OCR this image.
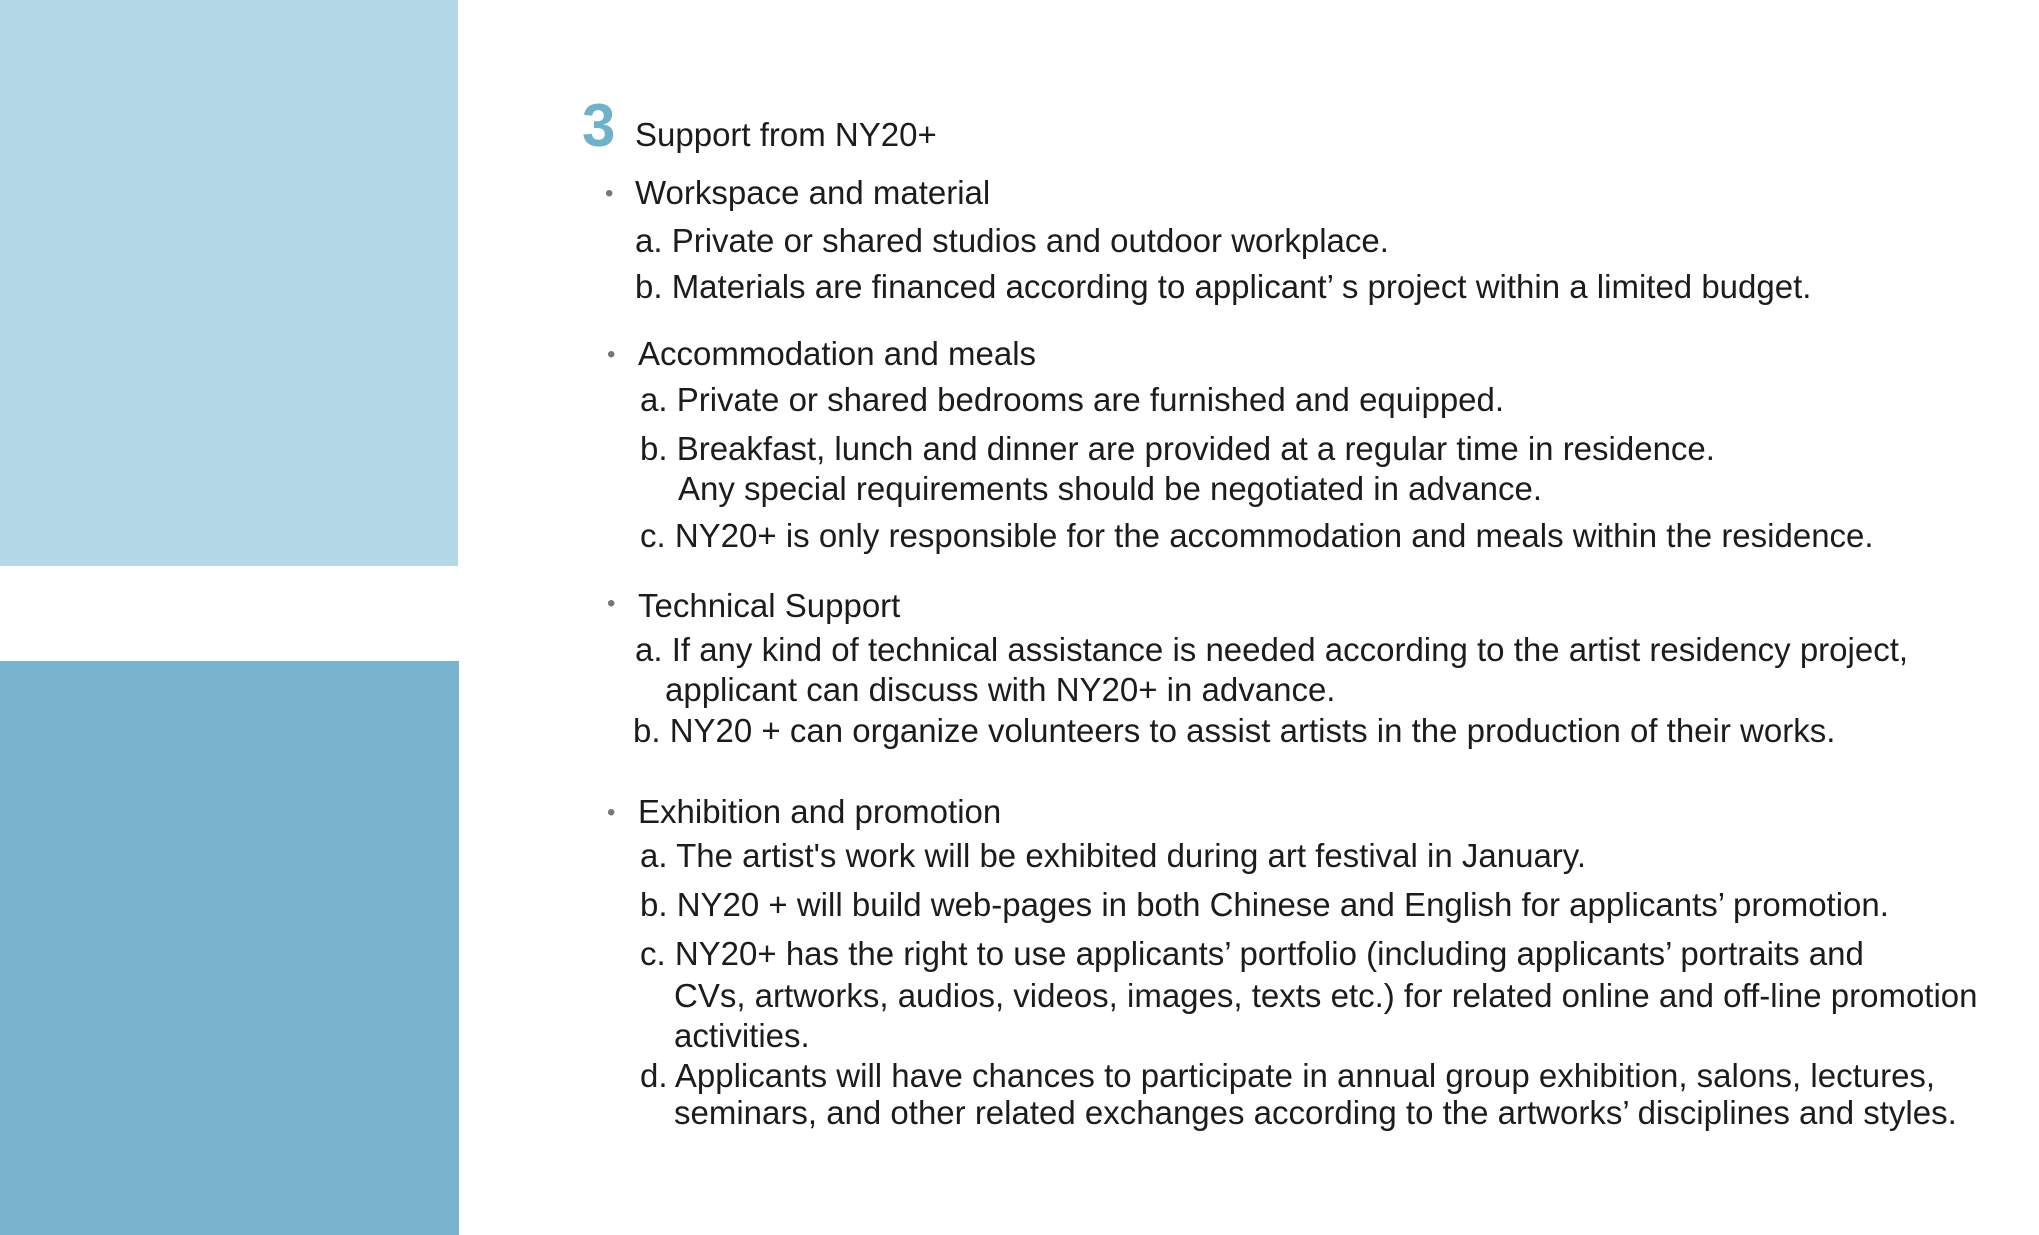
3 Support from NY20+
• Workspace and material
a. Private or shared studios and outdoor workplace.
b. Materials are financed according to applicant’ s project within a limited budget.
• Accommodation and meals
a. Private or shared bedrooms are furnished and equipped.
b. Breakfast, lunch and dinner are provided at a regular time in residence.
Any special requirements should be negotiated in advance.
c. NY20+ is only responsible for the accommodation and meals within the residence.
• Technical Support
a. If any kind of technical assistance is needed according to the artist residency project,
applicant can discuss with NY20+ in advance.
b. NY20 + can organize volunteers to assist artists in the production of their works.
• Exhibition and promotion
a. The artist's work will be exhibited during art festival in January.
b. NY20 + will build web-pages in both Chinese and English for applicants’ promotion.
c. NY20+ has the right to use applicants’ portfolio (including applicants’ portraits and
CVs, artworks, audios, videos, images, texts etc.) for related online and off-line promotion
activities.
d. Applicants will have chances to participate in annual group exhibition, salons, lectures,
seminars, and other related exchanges according to the artworks’ disciplines and styles.
